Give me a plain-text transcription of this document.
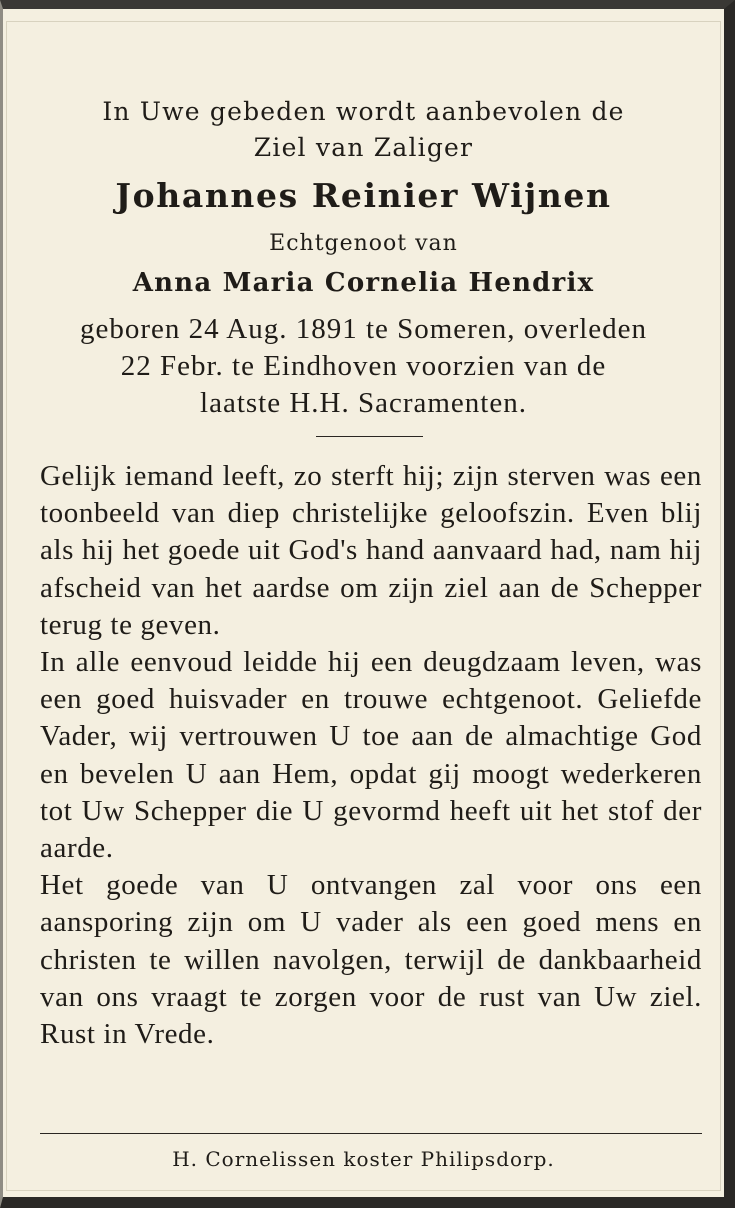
In Uwe gebeden wordt aanbevolen de
Ziel van Zaliger
Johannes Reinier Wijnen
Echtgenoot van
Anna Maria Cornelia Hendrix
geboren 24 Aug. 1891 te Someren, overleden
22 Febr. te Eindhoven voorzien van de
laatste H.H. Sacramenten.

Gelijk iemand leeft, zo sterft hij; zijn sterven was een toonbeeld van diep christelijke geloofszin. Even blij als hij het goede uit God's hand aanvaard had, nam hij afscheid van het aardse om zijn ziel aan de Schepper terug te geven.

In alle eenvoud leidde hij een deugdzaam leven, was een goed huisvader en trouwe echtgenoot. Geliefde Vader, wij vertrouwen U toe aan de almachtige God en bevelen U aan Hem, opdat gij moogt wederkeren tot Uw Schepper die U gevormd heeft uit het stof der aarde.

Het goede van U ontvangen zal voor ons een aansporing zijn om U vader als een goed mens en christen te willen navolgen, terwijl de dankbaarheid van ons vraagt te zorgen voor de rust van Uw ziel. Rust in Vrede.

H. Cornelissen koster Philipsdorp.
